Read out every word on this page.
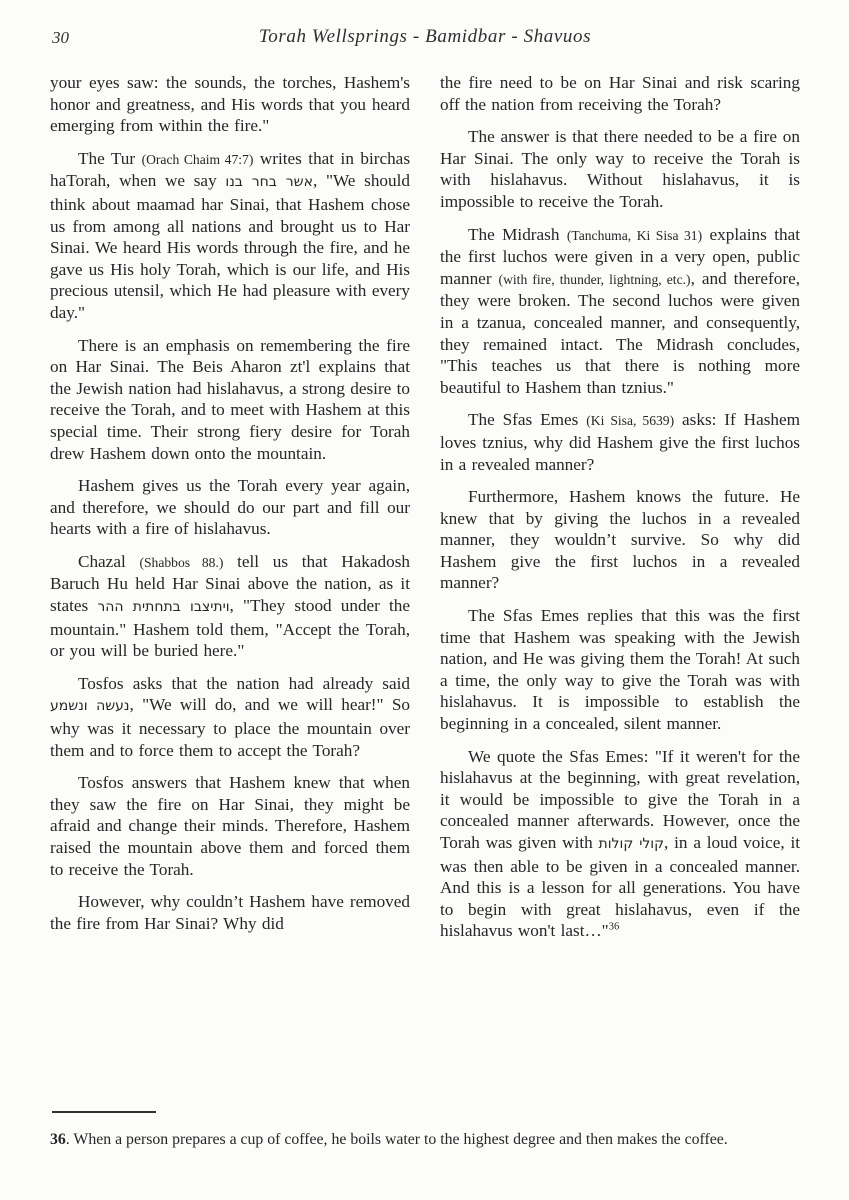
30	Torah Wellsprings - Bamidbar - Shavuos

your eyes saw: the sounds, the torches, Hashem's honor and greatness, and His words that you heard emerging from within the fire."

The Tur (Orach Chaim 47:7) writes that in birchas haTorah, when we say אשר בחר בנו, "We should think about maamad har Sinai, that Hashem chose us from among all nations and brought us to Har Sinai. We heard His words through the fire, and he gave us His holy Torah, which is our life, and His precious utensil, which He had pleasure with every day."

There is an emphasis on remembering the fire on Har Sinai. The Beis Aharon zt'l explains that the Jewish nation had hislahavus, a strong desire to receive the Torah, and to meet with Hashem at this special time. Their strong fiery desire for Torah drew Hashem down onto the mountain.

Hashem gives us the Torah every year again, and therefore, we should do our part and fill our hearts with a fire of hislahavus.

Chazal (Shabbos 88.) tell us that Hakadosh Baruch Hu held Har Sinai above the nation, as it states ויתיצבו בתחתית ההר, "They stood under the mountain." Hashem told them, "Accept the Torah, or you will be buried here."

Tosfos asks that the nation had already said נעשה ונשמע, "We will do, and we will hear!" So why was it necessary to place the mountain over them and to force them to accept the Torah?

Tosfos answers that Hashem knew that when they saw the fire on Har Sinai, they might be afraid and change their minds. Therefore, Hashem raised the mountain above them and forced them to receive the Torah.

However, why couldn’t Hashem have removed the fire from Har Sinai? Why did

the fire need to be on Har Sinai and risk scaring off the nation from receiving the Torah?

The answer is that there needed to be a fire on Har Sinai. The only way to receive the Torah is with hislahavus. Without hislahavus, it is impossible to receive the Torah.

The Midrash (Tanchuma, Ki Sisa 31) explains that the first luchos were given in a very open, public manner (with fire, thunder, lightning, etc.), and therefore, they were broken. The second luchos were given in a tzanua, concealed manner, and consequently, they remained intact. The Midrash concludes, "This teaches us that there is nothing more beautiful to Hashem than tznius."

The Sfas Emes (Ki Sisa, 5639) asks: If Hashem loves tznius, why did Hashem give the first luchos in a revealed manner?

Furthermore, Hashem knows the future. He knew that by giving the luchos in a revealed manner, they wouldn’t survive. So why did Hashem give the first luchos in a revealed manner?

The Sfas Emes replies that this was the first time that Hashem was speaking with the Jewish nation, and He was giving them the Torah! At such a time, the only way to give the Torah was with hislahavus. It is impossible to establish the beginning in a concealed, silent manner.

We quote the Sfas Emes: "If it weren't for the hislahavus at the beginning, with great revelation, it would be impossible to give the Torah in a concealed manner afterwards. However, once the Torah was given with קולי קולות, in a loud voice, it was then able to be given in a concealed manner. And this is a lesson for all generations. You have to begin with great hislahavus, even if the hislahavus won't last…"$^{36}$

36. When a person prepares a cup of coffee, he boils water to the highest degree and then makes the coffee.
